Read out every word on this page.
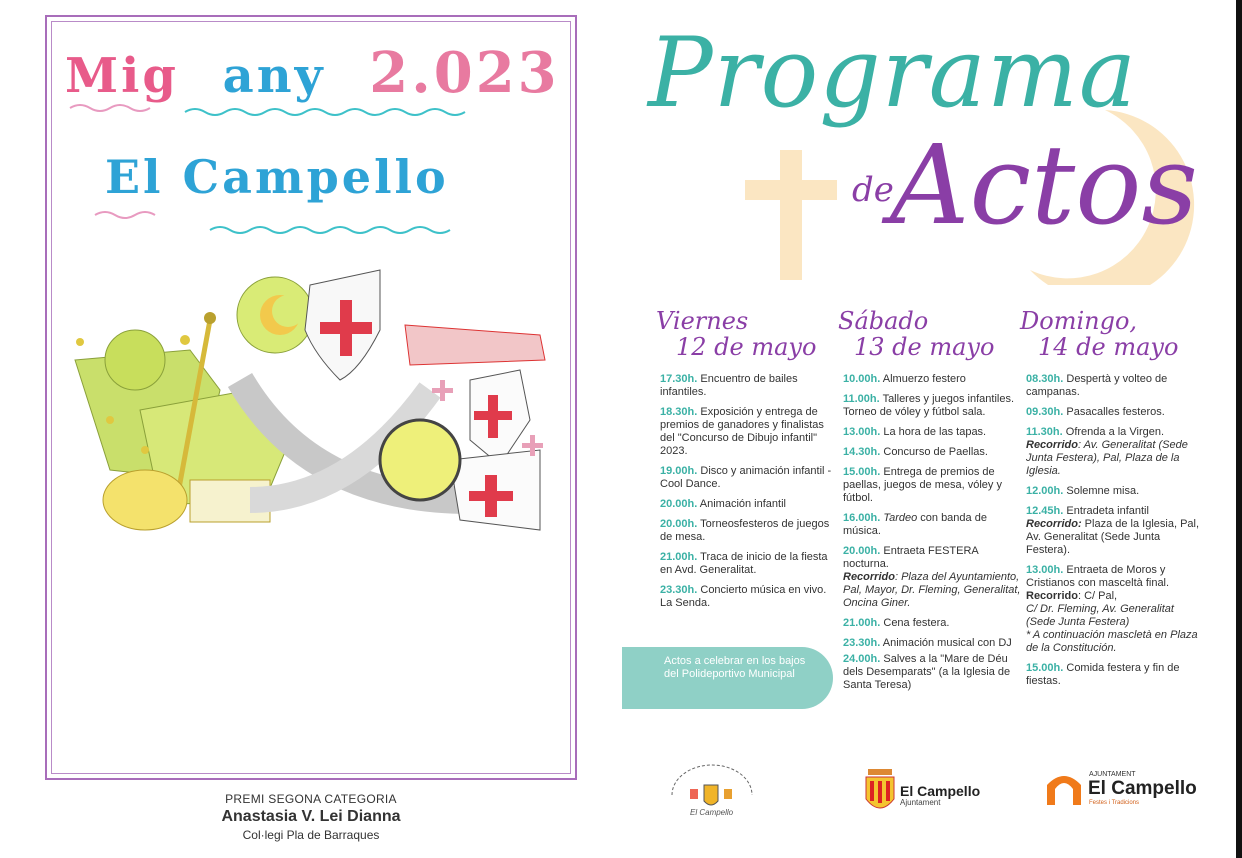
Mig any 2.023
El Campello
PREMI SEGONA CATEGORIA
Anastasia V. Lei Dianna
Col·legi Pla de Barraques
Programa
de
Actos
Viernes
12 de mayo
Sábado
13 de mayo
Domingo,
14 de mayo
17.30h. Encuentro de bailes infantiles.
18.30h. Exposición y entrega de premios de ganadores y finalistas del "Concurso de Dibujo infantil" 2023.
19.00h. Disco y animación infantil - Cool Dance.
20.00h. Animación infantil
20.00h. Torneosfesteros de juegos de mesa.
21.00h. Traca de inicio de la fiesta en Avd. Generalitat.
23.30h. Concierto música en vivo. La Senda.
10.00h. Almuerzo festero
11.00h. Talleres y juegos infantiles. Torneo de vóley y fútbol sala.
13.00h. La hora de las tapas.
14.30h. Concurso de Paellas.
15.00h. Entrega de premios de paellas, juegos de mesa, vóley y fútbol.
16.00h. Tardeo con banda de música.
20.00h. Entraeta FESTERA nocturna.
Recorrido: Plaza del Ayuntamiento, Pal, Mayor, Dr. Fleming, Generalitat, Oncina Giner.
21.00h. Cena festera.
23.30h. Animación musical con DJ
24.00h. Salves a la "Mare de Déu dels Desemparats" (a la Iglesia de Santa Teresa)
08.30h. Despertà y volteo de campanas.
09.30h. Pasacalles festeros.
11.30h. Ofrenda a la Virgen.
Recorrido: Av. Generalitat (Sede Junta Festera), Pal, Plaza de la Iglesia.
12.00h. Solemne misa.
12.45h. Entradeta infantil
Recorrido: Plaza de la Iglesia, Pal, Av. Generalitat (Sede Junta Festera).
13.00h. Entraeta de Moros y Cristianos con masceltà final.
Recorrido: C/ Pal,
C/ Dr. Fleming, Av. Generalitat (Sede Junta Festera)
* A continuación mascletà en Plaza de la Constitución.
15.00h. Comida festera y fin de fiestas.
Actos a celebrar en los bajos del Polideportivo Municipal
El Campello
El Campello
Ajuntament
AJUNTAMENT
El Campello
Festes i Tradicions
